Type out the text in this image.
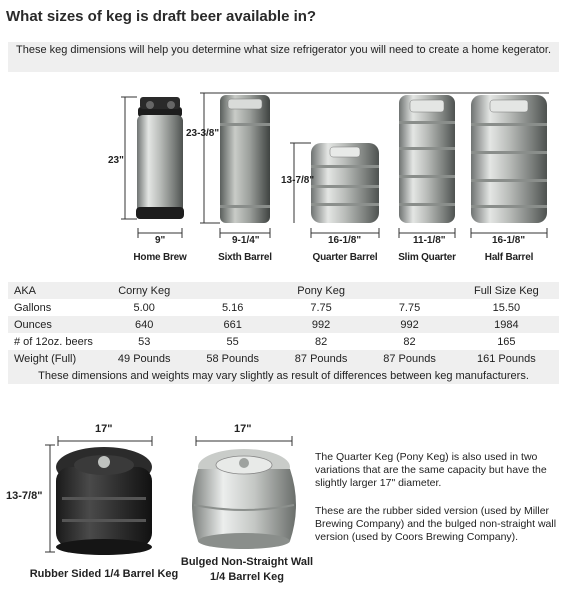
What sizes of keg is draft beer available in?
These keg dimensions will help you determine what size refrigerator you will need to create a home kegerator.
23"
23-3/8"
13-7/8"
9"	9-1/4"	16-1/8"	11-1/8"	16-1/8"
Home Brew	Sixth Barrel	Quarter Barrel	Slim Quarter	Half Barrel
AKA	Corny Keg		Pony Keg		Full Size Keg
Gallons	5.00	5.16	7.75	7.75	15.50
Ounces	640	661	992	992	1984
# of 12oz. beers	53	55	82	82	165
Weight (Full)	49 Pounds	58 Pounds	87 Pounds	87 Pounds	161 Pounds
These dimensions and weights may vary slightly as result of differences between keg manufacturers.					
17"
13-7/8"
17"
Rubber Sided 1/4 Barrel Keg
Bulged Non-Straight Wall
1/4 Barrel Keg
The Quarter Keg (Pony Keg) is also used in two variations that are the same capacity but have the slightly larger 17" diameter.
These are the rubber sided version (used by Miller Brewing Company) and the bulged non-straight wall version (used by Coors Brewing Company).
